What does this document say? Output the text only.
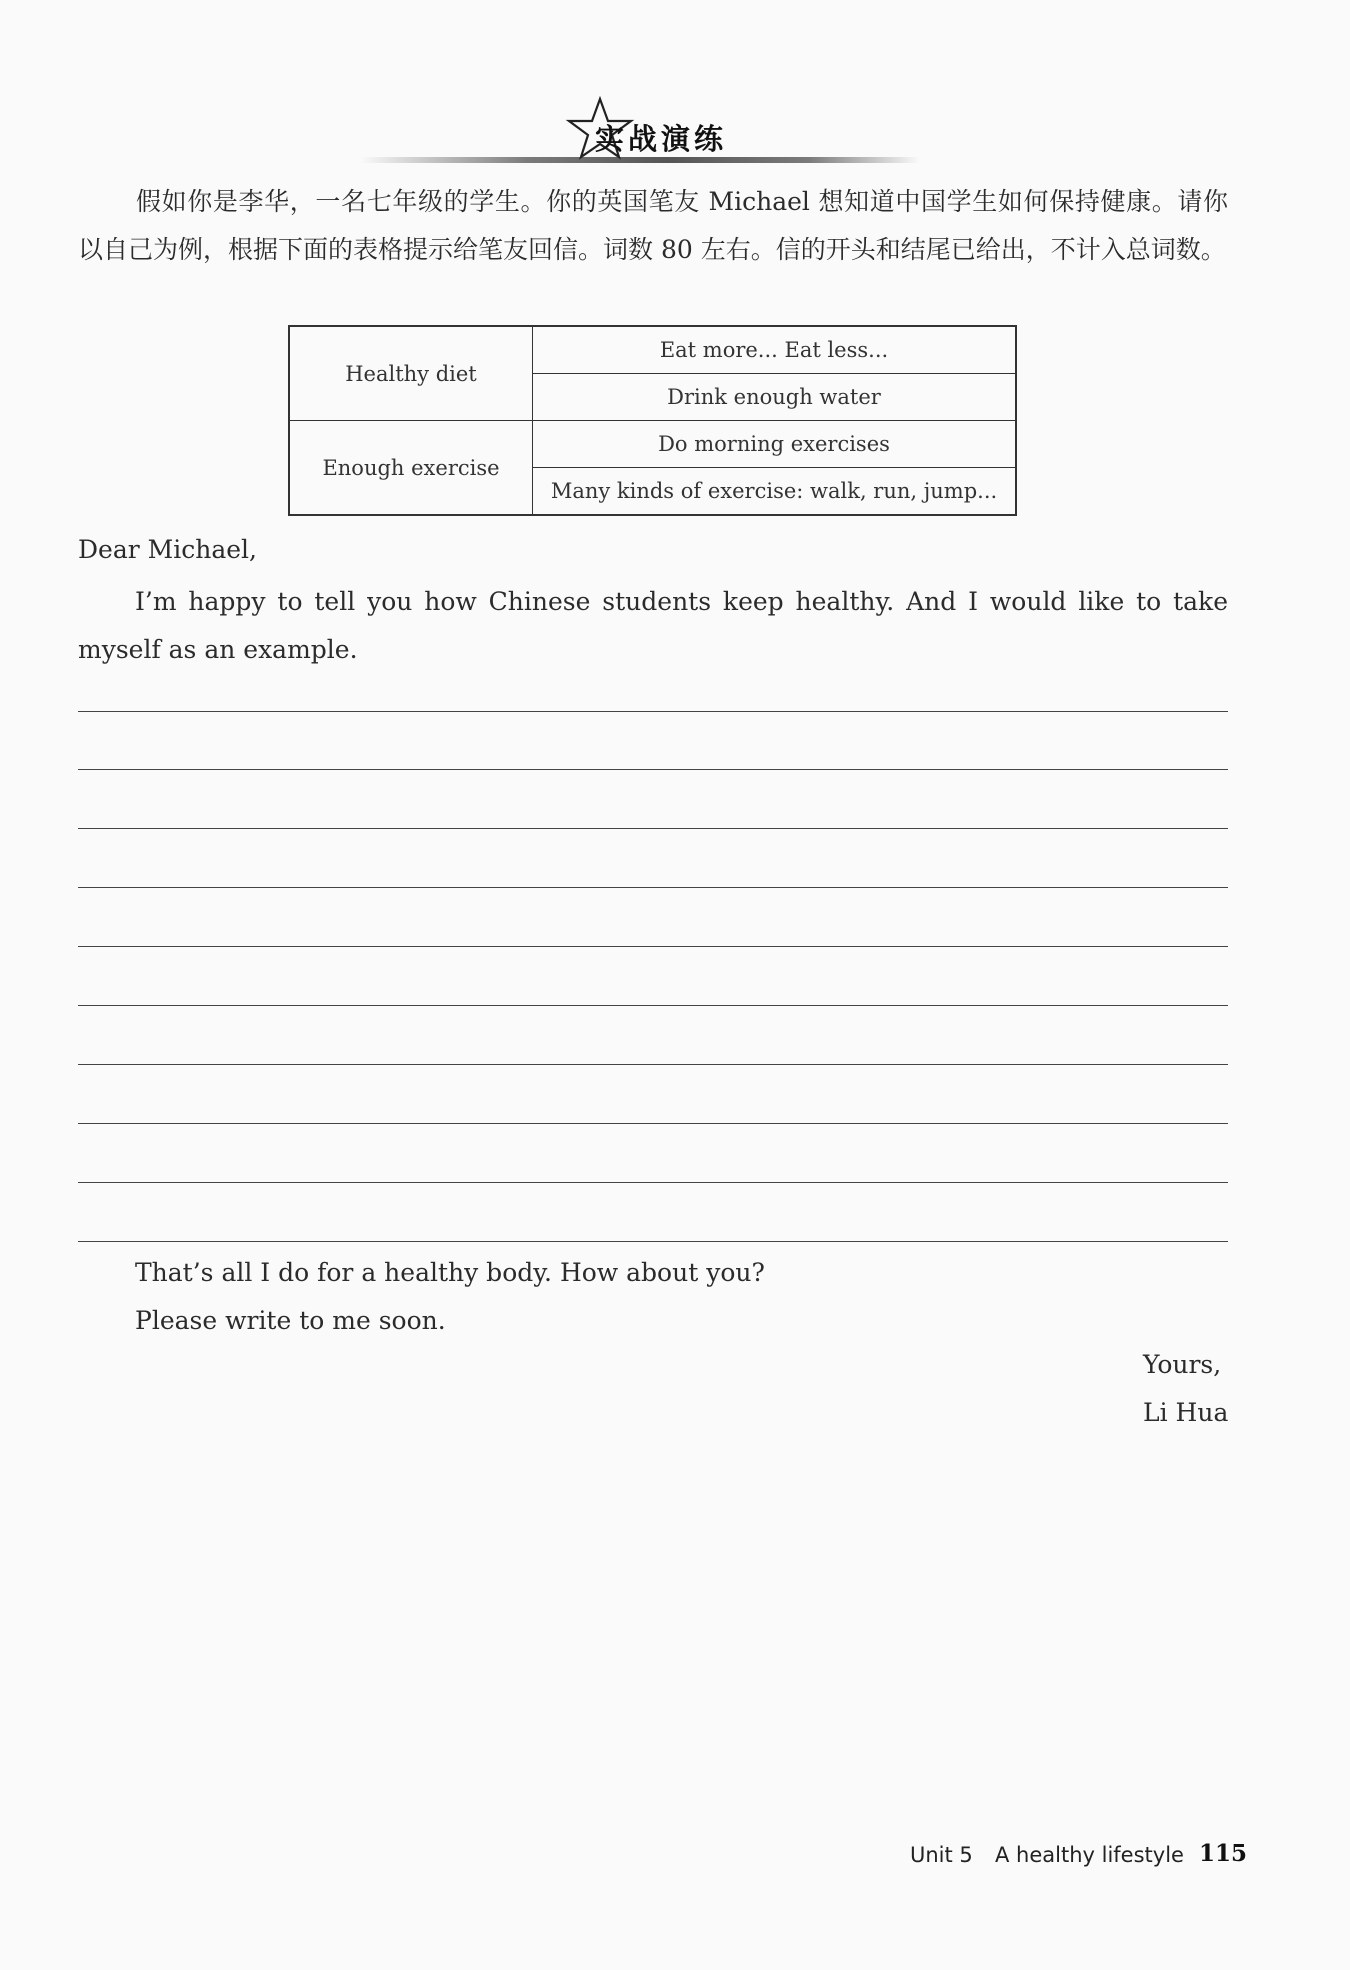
实战演练
假如你是李华，一名七年级的学生。你的英国笔友 Michael 想知道中国学生如何保持健康。请你以自己为例，根据下面的表格提示给笔友回信。词数 80 左右。信的开头和结尾已给出，不计入总词数。
Healthy diet	Eat more... Eat less...
	Drink enough water
Enough exercise	Do morning exercises
	Many kinds of exercise: walk, run, jump...
Dear Michael,
I’m happy to tell you how Chinese students keep healthy. And I would like to take myself as an example.
That’s all I do for a healthy body. How about you?
Please write to me soon.
Yours,
Li Hua
Unit 5 A healthy lifestyle 115
